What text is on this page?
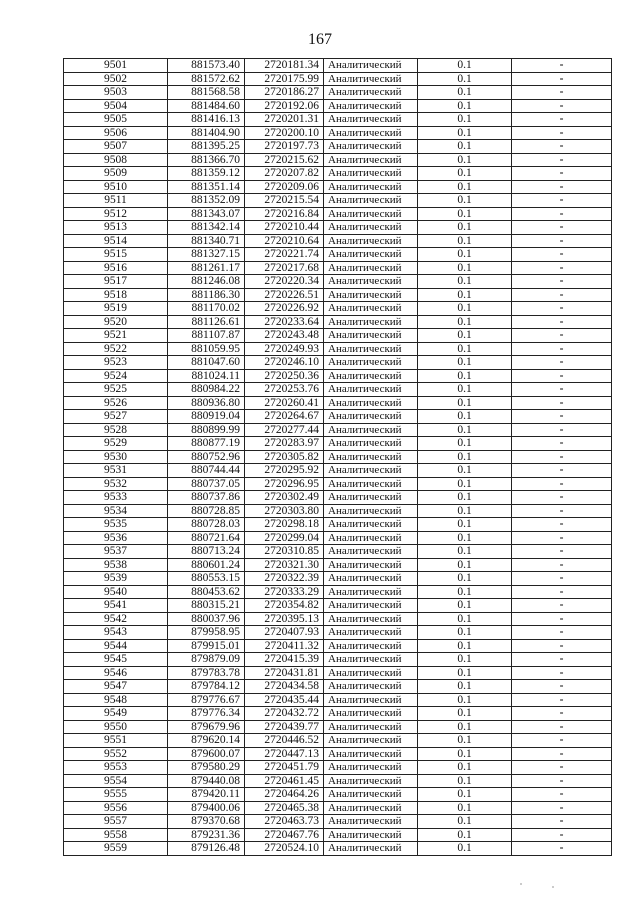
167
9501	881573.40	2720181.34	Аналитический	0.1	-
9502	881572.62	2720175.99	Аналитический	0.1	-
9503	881568.58	2720186.27	Аналитический	0.1	-
9504	881484.60	2720192.06	Аналитический	0.1	-
9505	881416.13	2720201.31	Аналитический	0.1	-
9506	881404.90	2720200.10	Аналитический	0.1	-
9507	881395.25	2720197.73	Аналитический	0.1	-
9508	881366.70	2720215.62	Аналитический	0.1	-
9509	881359.12	2720207.82	Аналитический	0.1	-
9510	881351.14	2720209.06	Аналитический	0.1	-
9511	881352.09	2720215.54	Аналитический	0.1	-
9512	881343.07	2720216.84	Аналитический	0.1	-
9513	881342.14	2720210.44	Аналитический	0.1	-
9514	881340.71	2720210.64	Аналитический	0.1	-
9515	881327.15	2720221.74	Аналитический	0.1	-
9516	881261.17	2720217.68	Аналитический	0.1	-
9517	881246.08	2720220.34	Аналитический	0.1	-
9518	881186.30	2720226.51	Аналитический	0.1	-
9519	881170.02	2720226.92	Аналитический	0.1	-
9520	881126.61	2720233.64	Аналитический	0.1	-
9521	881107.87	2720243.48	Аналитический	0.1	-
9522	881059.95	2720249.93	Аналитический	0.1	-
9523	881047.60	2720246.10	Аналитический	0.1	-
9524	881024.11	2720250.36	Аналитический	0.1	-
9525	880984.22	2720253.76	Аналитический	0.1	-
9526	880936.80	2720260.41	Аналитический	0.1	-
9527	880919.04	2720264.67	Аналитический	0.1	-
9528	880899.99	2720277.44	Аналитический	0.1	-
9529	880877.19	2720283.97	Аналитический	0.1	-
9530	880752.96	2720305.82	Аналитический	0.1	-
9531	880744.44	2720295.92	Аналитический	0.1	-
9532	880737.05	2720296.95	Аналитический	0.1	-
9533	880737.86	2720302.49	Аналитический	0.1	-
9534	880728.85	2720303.80	Аналитический	0.1	-
9535	880728.03	2720298.18	Аналитический	0.1	-
9536	880721.64	2720299.04	Аналитический	0.1	-
9537	880713.24	2720310.85	Аналитический	0.1	-
9538	880601.24	2720321.30	Аналитический	0.1	-
9539	880553.15	2720322.39	Аналитический	0.1	-
9540	880453.62	2720333.29	Аналитический	0.1	-
9541	880315.21	2720354.82	Аналитический	0.1	-
9542	880037.96	2720395.13	Аналитический	0.1	-
9543	879958.95	2720407.93	Аналитический	0.1	-
9544	879915.01	2720411.32	Аналитический	0.1	-
9545	879879.09	2720415.39	Аналитический	0.1	-
9546	879783.78	2720431.81	Аналитический	0.1	-
9547	879784.12	2720434.58	Аналитический	0.1	-
9548	879776.67	2720435.44	Аналитический	0.1	-
9549	879776.34	2720432.72	Аналитический	0.1	-
9550	879679.96	2720439.77	Аналитический	0.1	-
9551	879620.14	2720446.52	Аналитический	0.1	-
9552	879600.07	2720447.13	Аналитический	0.1	-
9553	879580.29	2720451.79	Аналитический	0.1	-
9554	879440.08	2720461.45	Аналитический	0.1	-
9555	879420.11	2720464.26	Аналитический	0.1	-
9556	879400.06	2720465.38	Аналитический	0.1	-
9557	879370.68	2720463.73	Аналитический	0.1	-
9558	879231.36	2720467.76	Аналитический	0.1	-
9559	879126.48	2720524.10	Аналитический	0.1	-
